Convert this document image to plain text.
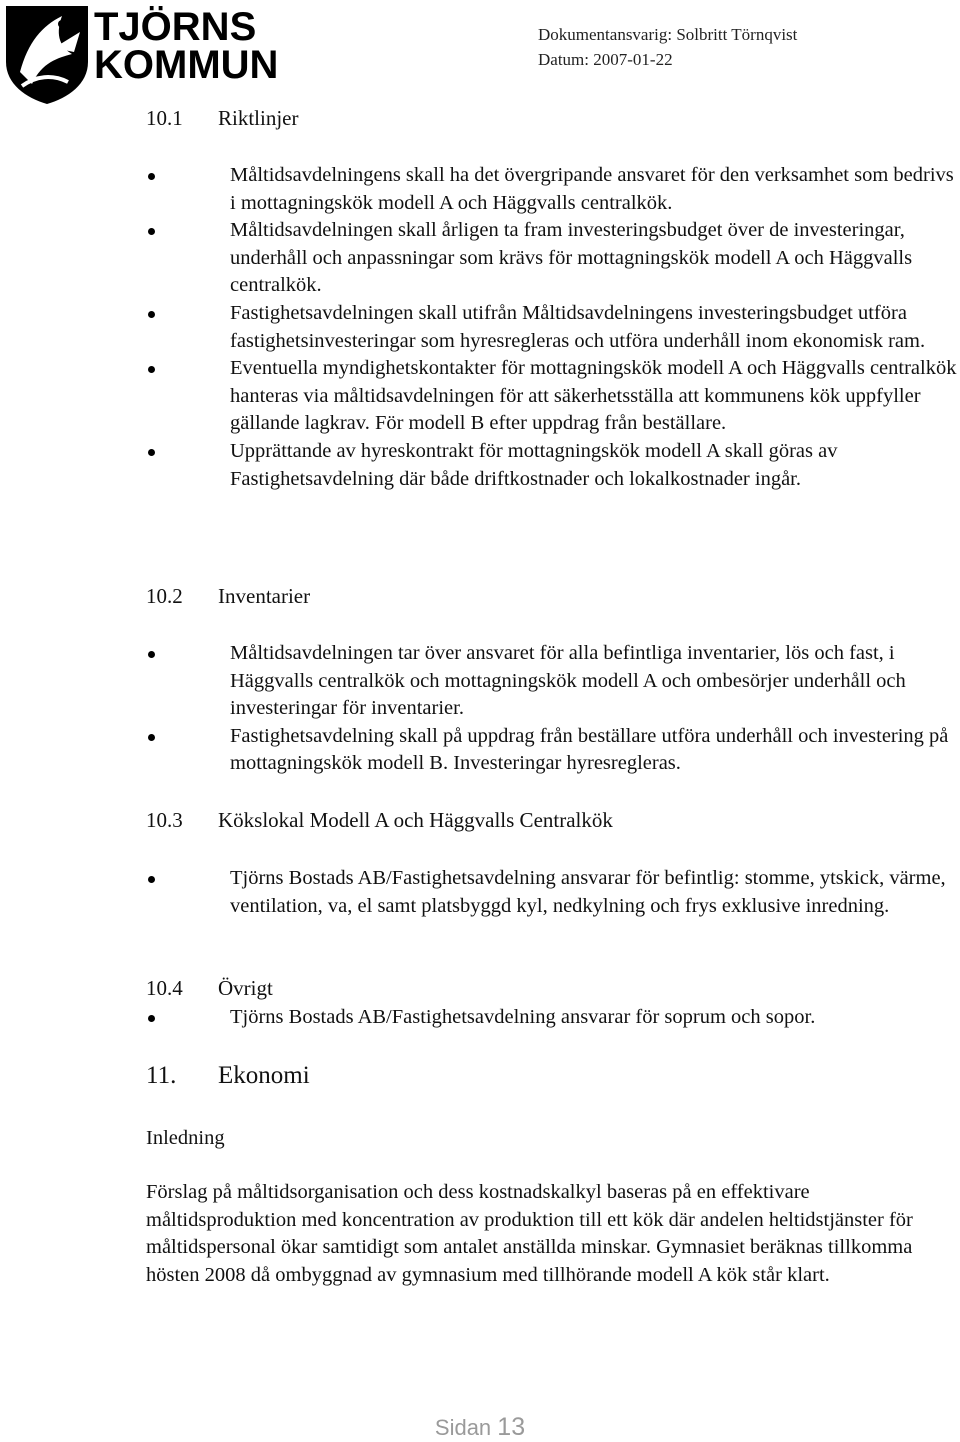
TJÖRNS
KOMMUN
Dokumentansvarig: Solbritt Törnqvist
Datum: 2007-01-22
10.1 Riktlinjer
Måltidsavdelningens skall ha det övergripande ansvaret för den verksamhet som bedrivs i mottagningskök modell A och Häggvalls centralkök.
Måltidsavdelningen skall årligen ta fram investeringsbudget över de investeringar, underhåll och anpassningar som krävs för mottagningskök modell A och Häggvalls centralkök.
Fastighetsavdelningen skall utifrån Måltidsavdelningens investeringsbudget utföra fastighetsinvesteringar som hyresregleras och utföra underhåll inom ekonomisk ram.
Eventuella myndighetskontakter för mottagningskök modell A och Häggvalls centralkök hanteras via måltidsavdelningen för att säkerhetsställa att kommunens kök uppfyller gällande lagkrav. För modell B efter uppdrag från beställare.
Upprättande av hyreskontrakt för mottagningskök modell A skall göras av Fastighetsavdelning där både driftkostnader och lokalkostnader ingår.
10.2 Inventarier
Måltidsavdelningen tar över ansvaret för alla befintliga inventarier, lös och fast, i Häggvalls centralkök och mottagningskök modell A och ombesörjer underhåll och investeringar för inventarier.
Fastighetsavdelning skall på uppdrag från beställare utföra underhåll och investering på mottagningskök modell B. Investeringar hyresregleras.
10.3 Kökslokal Modell A och Häggvalls Centralkök
Tjörns Bostads AB/Fastighetsavdelning ansvarar för befintlig: stomme, ytskick, värme, ventilation, va, el samt platsbyggd kyl, nedkylning och frys exklusive inredning.
10.4 Övrigt
Tjörns Bostads AB/Fastighetsavdelning ansvarar för soprum och sopor.
11. Ekonomi
Inledning
Förslag på måltidsorganisation och dess kostnadskalkyl baseras på en effektivare måltidsproduktion med koncentration av produktion till ett kök där andelen heltidstjänster för måltidspersonal ökar samtidigt som antalet anställda minskar. Gymnasiet beräknas tillkomma hösten 2008 då ombyggnad av gymnasium med tillhörande modell A kök står klart.
Sidan 13
